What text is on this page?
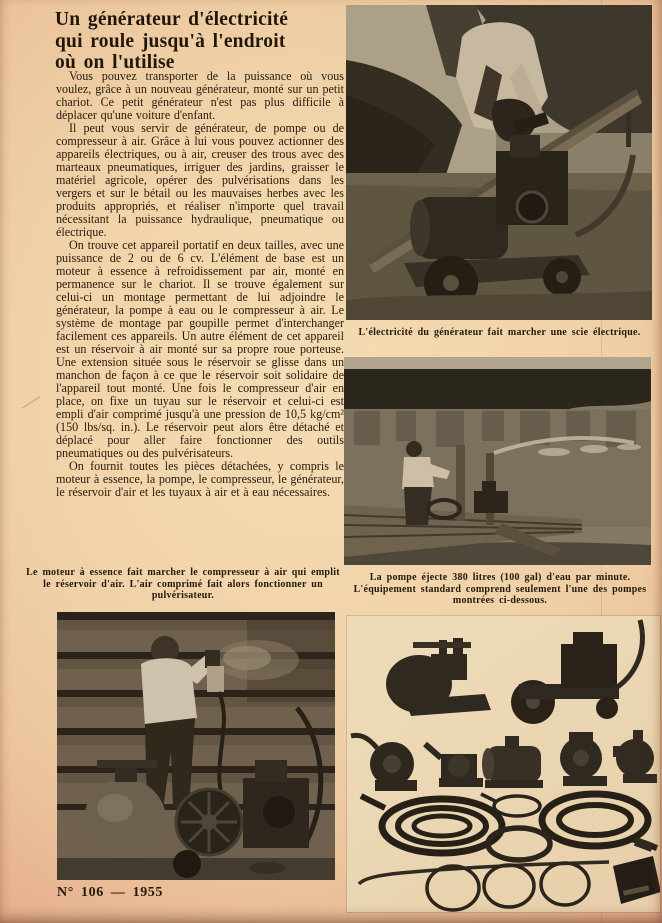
Un générateur d'électricité
qui roule jusqu'à l'endroit
où on l'utilise

Vous pouvez transporter de la puissance où vous voulez, grâce à un nouveau générateur, monté sur un petit chariot. Ce petit générateur n'est pas plus difficile à déplacer qu'une voiture d'enfant.

Il peut vous servir de générateur, de pompe ou de compresseur à air. Grâce à lui vous pouvez actionner des appareils électriques, ou à air, creuser des trous avec des marteaux pneumatiques, irriguer des jardins, graisser le matériel agricole, opérer des pulvérisations dans les vergers et sur le bétail ou les mauvaises herbes avec les produits appropriés, et réaliser n'importe quel travail nécessitant la puissance hydraulique, pneumatique ou électrique.

On trouve cet appareil portatif en deux tailles, avec une puissance de 2 ou de 6 cv. L'élément de base est un moteur à essence à refroidissement par air, monté en permanence sur le chariot. Il se trouve également sur celui-ci un montage permettant de lui adjoindre le générateur, la pompe à eau ou le compresseur à air. Le système de montage par goupille permet d'interchanger facilement ces appareils. Un autre élément de cet appareil est un réservoir à air monté sur sa propre roue porteuse. Une extension située sous le réservoir se glisse dans un manchon de façon à ce que le réservoir soit solidaire de l'appareil tout monté. Une fois le compresseur d'air en place, on fixe un tuyau sur le réservoir et celui-ci est empli d'air comprimé jusqu'à une pression de 10,5 kg/cm² (150 lbs/sq. in.). Le réservoir peut alors être détaché et déplacé pour aller faire fonctionner des outils pneumatiques ou des pulvérisateurs.

On fournit toutes les pièces détachées, y compris le moteur à essence, la pompe, le compresseur, le générateur, le réservoir d'air et les tuyaux à air et à eau nécessaires.

L'électricité du générateur fait marcher une scie électrique.
La pompe éjecte 380 litres (100 gal) d'eau par minute. L'équipement standard comprend seulement l'une des pompes montrées ci-dessous.
Le moteur à essence fait marcher le compresseur à air qui emplit le réservoir d'air. L'air comprimé fait alors fonctionner un pulvérisateur.
N° 106 — 1955
